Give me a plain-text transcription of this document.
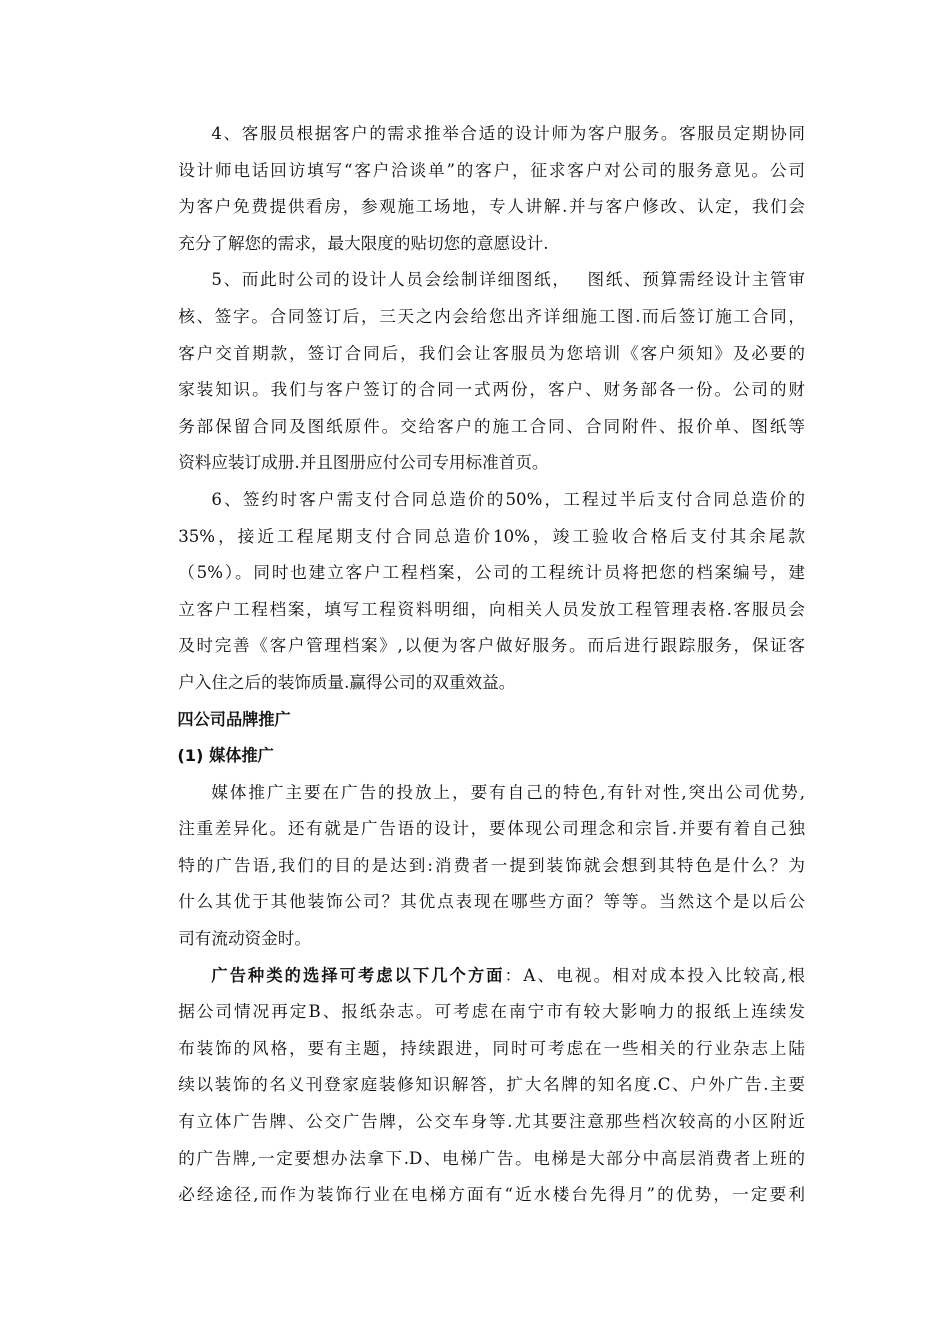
4、客服员根据客户的需求推举合适的设计师为客户服务。客服员定期协同
设计师电话回访填写“客户洽谈单”的客户，征求客户对公司的服务意见。公司
为客户免费提供看房，参观施工场地，专人讲解.并与客户修改、认定，我们会
充分了解您的需求，最大限度的贴切您的意愿设计.
5、而此时公司的设计人员会绘制详细图纸，　 图纸、预算需经设计主管审
核、签字。合同签订后，三天之内会给您出齐详细施工图.而后签订施工合同，
客户交首期款，签订合同后，我们会让客服员为您培训《客户须知》及必要的
家装知识。我们与客户签订的合同一式两份，客户、财务部各一份。公司的财
务部保留合同及图纸原件。交给客户的施工合同、合同附件、报价单、图纸等
资料应装订成册.并且图册应付公司专用标准首页。
6、签约时客户需支付合同总造价的50%，工程过半后支付合同总造价的
35%，接近工程尾期支付合同总造价10%，竣工验收合格后支付其余尾款
（5%）。同时也建立客户工程档案，公司的工程统计员将把您的档案编号，建
立客户工程档案，填写工程资料明细，向相关人员发放工程管理表格.客服员会
及时完善《客户管理档案》,以便为客户做好服务。而后进行跟踪服务，保证客
户入住之后的装饰质量.赢得公司的双重效益。
四公司品牌推广
(1) 媒体推广
媒体推广主要在广告的投放上，要有自己的特色,有针对性,突出公司优势,
注重差异化。还有就是广告语的设计，要体现公司理念和宗旨.并要有着自己独
特的广告语,我们的目的是达到:消费者一提到装饰就会想到其特色是什么？为
什么其优于其他装饰公司？其优点表现在哪些方面？等等。当然这个是以后公
司有流动资金时。
广告种类的选择可考虑以下几个方面：A、电视。相对成本投入比较高,根
据公司情况再定B、报纸杂志。可考虑在南宁市有较大影响力的报纸上连续发
布装饰的风格，要有主题，持续跟进，同时可考虑在一些相关的行业杂志上陆
续以装饰的名义刊登家庭装修知识解答，扩大名牌的知名度.C、户外广告.主要
有立体广告牌、公交广告牌，公交车身等.尤其要注意那些档次较高的小区附近
的广告牌,一定要想办法拿下.D、电梯广告。电梯是大部分中高层消费者上班的
必经途径,而作为装饰行业在电梯方面有“近水楼台先得月”的优势，一定要利
